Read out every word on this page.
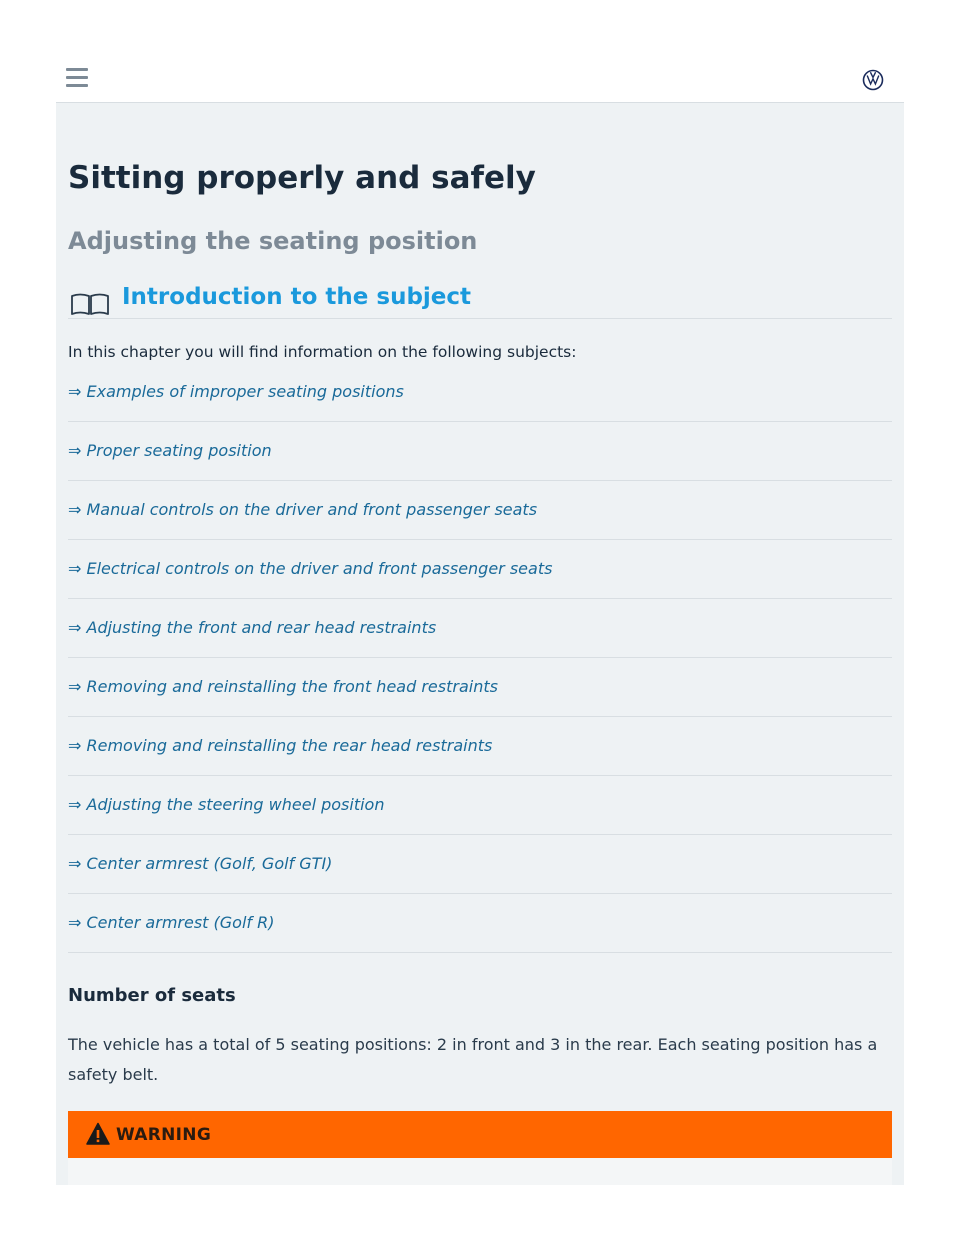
Sitting properly and safely
Adjusting the seating position
Introduction to the subject
In this chapter you will find information on the following subjects:
⇒ Examples of improper seating positions
⇒ Proper seating position
⇒ Manual controls on the driver and front passenger seats
⇒ Electrical controls on the driver and front passenger seats
⇒ Adjusting the front and rear head restraints
⇒ Removing and reinstalling the front head restraints
⇒ Removing and reinstalling the rear head restraints
⇒ Adjusting the steering wheel position
⇒ Center armrest (Golf, Golf GTI)
⇒ Center armrest (Golf R)
Number of seats

The vehicle has a total of 5 seating positions: 2 in front and 3 in the rear. Each seating position has a safety belt.

WARNING
